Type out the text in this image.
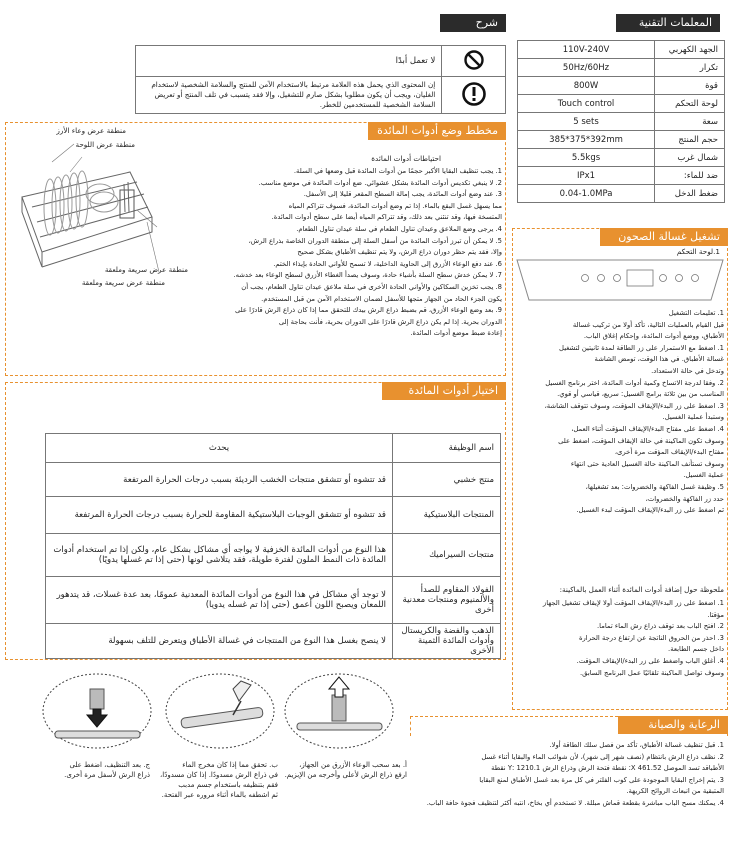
المعلمات التقنية
110V-240V	الجهد الكهربي
50Hz/60Hz	تكرار
800W	قوة
Touch control	لوحة التحكم
5 sets	سعة
385*375*392mm	حجم المنتج
5.5kgs	شمال غرب
IPx1	ضد للماء:
0.04-1.0MPa	ضغط الدخل
شرح الأعلام
لا تعمل أبدًا	
إن المحتوى الذي يحمل هذه العلامة مرتبط بالاستخدام الآمن للمنتج والسلامة الشخصية لاستخدام الغليان، ويجب أن يكون مطلوبا بشكل صارم للتشغيل، وإلا فقد يتسبب في تلف المنتج أو تعريض السلامة الشخصية للمستخدمين للخطر.	
مخطط وضع أدوات المائدة
منطقة عرض وعاء الأرز
منطقة عرض اللوحة
منطقة عرض سريعة وملعقة
منطقة عرض سريعة وملعقة
احتياطات أدوات المائدة
1. يجب تنظيف البقايا الأكبر حجمًا من أدوات المائدة قبل وضعها في السلة.
2. لا ينبغي تكديس أدوات المائدة بشكل عشوائي. ضع أدوات المائدة في موضع مناسب.
3. عند وضع أدوات المائدة، يجب إمالة السطح المقعر قليلا إلى الأسفل.
مما يسهل غسل البقع بالماء. إذا تم وضع أدوات المائدة، فسوف تتراكم المياه
المتسخة فيها، وقد تنثني بعد ذلك، وقد تتراكم المياه أيضا على سطح أدوات المائدة.
4. يرجى وضع الملاعق وعيدان تناول الطعام في سلة عيدان تناول الطعام.
5. لا يمكن أن تبرز أدوات المائدة من أسفل السلة إلى منطقة الدوران الخاصة بذراع الرش،
وإلا، فقد يتم حظر دوران ذراع الرش، ولا يتم تنظيف الأطباق بشكل صحيح
6. عند دفع الوعاء الأزرق إلى الحاوية الداخلية، لا تسمح للأواني الحادة بإيذاء الختم.
7. لا يمكن خدش سطح السلة بأشياء حادة، وسوف يصدأ الغطاء الأزرق لسطح الوعاء بعد خدشه.
8. يجب تخزين السكاكين والأواني الحادة الأخرى في سلة ملاعق عيدان تناول الطعام، يجب أن
يكون الجزء الحاد من الجهاز متجها للأسفل لضمان الاستخدام الآمن من قبل المستخدم.
9. بعد وضع الوعاء الأزرق، قم بضبط ذراع الرش بيدك للتحقق مما إذا كان ذراع الرش قادرًا على
الدوران بحرية. إذا لم يكن ذراع الرش قادرًا على الدوران بحرية، فأنت بحاجة إلى
إعادة ضبط موضع أدوات المائدة.
اختيار أدوات المائدة
اسم الوظيفة	يحدث
منتج خشبي	قد تتشوه أو تتشقق منتجات الخشب الرديئة بسبب درجات الحرارة المرتفعة
المنتجات البلاستيكية	قد تتشوه أو تتشقق الوجبات البلاستيكية المقاومة للحرارة بسبب درجات الحرارة المرتفعة
منتجات السيراميك	هذا النوع من أدوات المائدة الخزفية لا يواجه أي مشاكل بشكل عام، ولكن إذا تم استخدام أدوات المائدة ذات النمط الملون لفترة طويلة، فقد يتلاشى لونها (حتى إذا تم غسلها يدويًا)
الفولاذ المقاوم للصدأ والألمنيوم ومنتجات معدنية أخرى	لا توجد أي مشاكل في هذا النوع من أدوات المائدة المعدنية عمومًا، بعد عدة غسلات، قد يتدهور اللمعان ويصبح اللون أعمق (حتى إذا تم غسله يدويا)
الذهب والفضة والكريستال وأدوات المائدة الثمينة الأخرى	لا ينصح بغسل هذا النوع من المنتجات في غسالة الأطباق ويتعرض للتلف بسهولة
أ. بعد سحب الوعاء الأزرق من الجهاز،
ارفع ذراع الرش لأعلى وأخرجه من الإبزيم.
ب. تحقق مما إذا كان مخرج الماء
في ذراع الرش مسدودًا. إذا كان مسدودًا،
فقم بتنظيفه باستخدام جسم مدبب
ثم اشطفه بالماء أثناء مروره عبر الفتحة.
ج. بعد التنظيف، اضغط على
ذراع الرش لأسفل مرة أخرى.
تشغيل غسالة الصحون
1.لوحة التحكم
1. تعليمات التشغيل
قبل القيام بالعمليات التالية، تأكد أولا من تركيب غسالة
الأطباق، ووضع أدوات المائدة، وإحكام إغلاق الباب.
1. اضغط مع الاستمرار على زر الطاقة لمدة ثانيتين لتشغيل
غسالة الأطباق. في هذا الوقت، تومض الشاشة
وتدخل في حالة الاستعداد.
2. وفقا لدرجة الاتساخ وكمية أدوات المائدة، اختر برنامج الغسيل
المناسب من بين ثلاثة برامج الغسيل: سريع، قياسي أو قوي.
3. اضغط على زر البدء/الإيقاف المؤقت، وسوف تتوقف الشاشة،
وستبدأ عملية الغسيل.
4. اضغط على مفتاح البدء/الإيقاف المؤقت أثناء العمل،
وسوف تكون الماكينة في حالة الإيقاف المؤقت، اضغط على
مفتاح البدء/الإيقاف المؤقت مرة أخرى،
وسوف تستأنف الماكينة حالة الغسيل العادية حتى انتهاء
عملية الغسيل.
5. وظيفة غسل الفاكهة والخضروات: بعد تشغيلها،
حدد زر الفاكهة والخضروات،
ثم اضغط على زر البدء/الإيقاف المؤقت لبدء الغسيل.
ملحوظة حول إضافة أدوات المائدة أثناء العمل بالماكينة:
1. اضغط على زر البدء/الإيقاف المؤقت أولا لإيقاف تشغيل الجهاز
مؤقتا.
2. افتح الباب بعد توقف ذراع رش الماء تماما.
3. احذر من الحروق الناتجة عن ارتفاع درجة الحرارة
داخل جسم الطابعة.
4. أغلق الباب واضغط على زر البدء/الإيقاف المؤقت.
وسوف تواصل الماكينة تلقائيًا عمل البرنامج السابق.
الرعاية والصيانة
1. قبل تنظيف غسالة الأطباق، تأكد من فصل سلك الطاقة أولا.
2. نظف ذراع الرش بانتظام (نصف شهر إلى شهر)، لأن شوائب الماء والبقايا أثناء غسل
الأطباقد تسد الموصل 461.52 X: نقطة فتحة الرش وذراع الرش 1210.1 :Y نقطة
3. يتم إخراج البقايا الموجودة على كوب الفلتر في كل مرة بعد غسل الأطباق لمنع البقايا
المتبقية من انبعاث الروائح الكريهة.
4. يمكنك مسح الباب مباشرة بقطعة قماش مبللة. لا تستخدم أي بخاخ، انتبه أكثر لتنظيف فجوة حافة الباب.
